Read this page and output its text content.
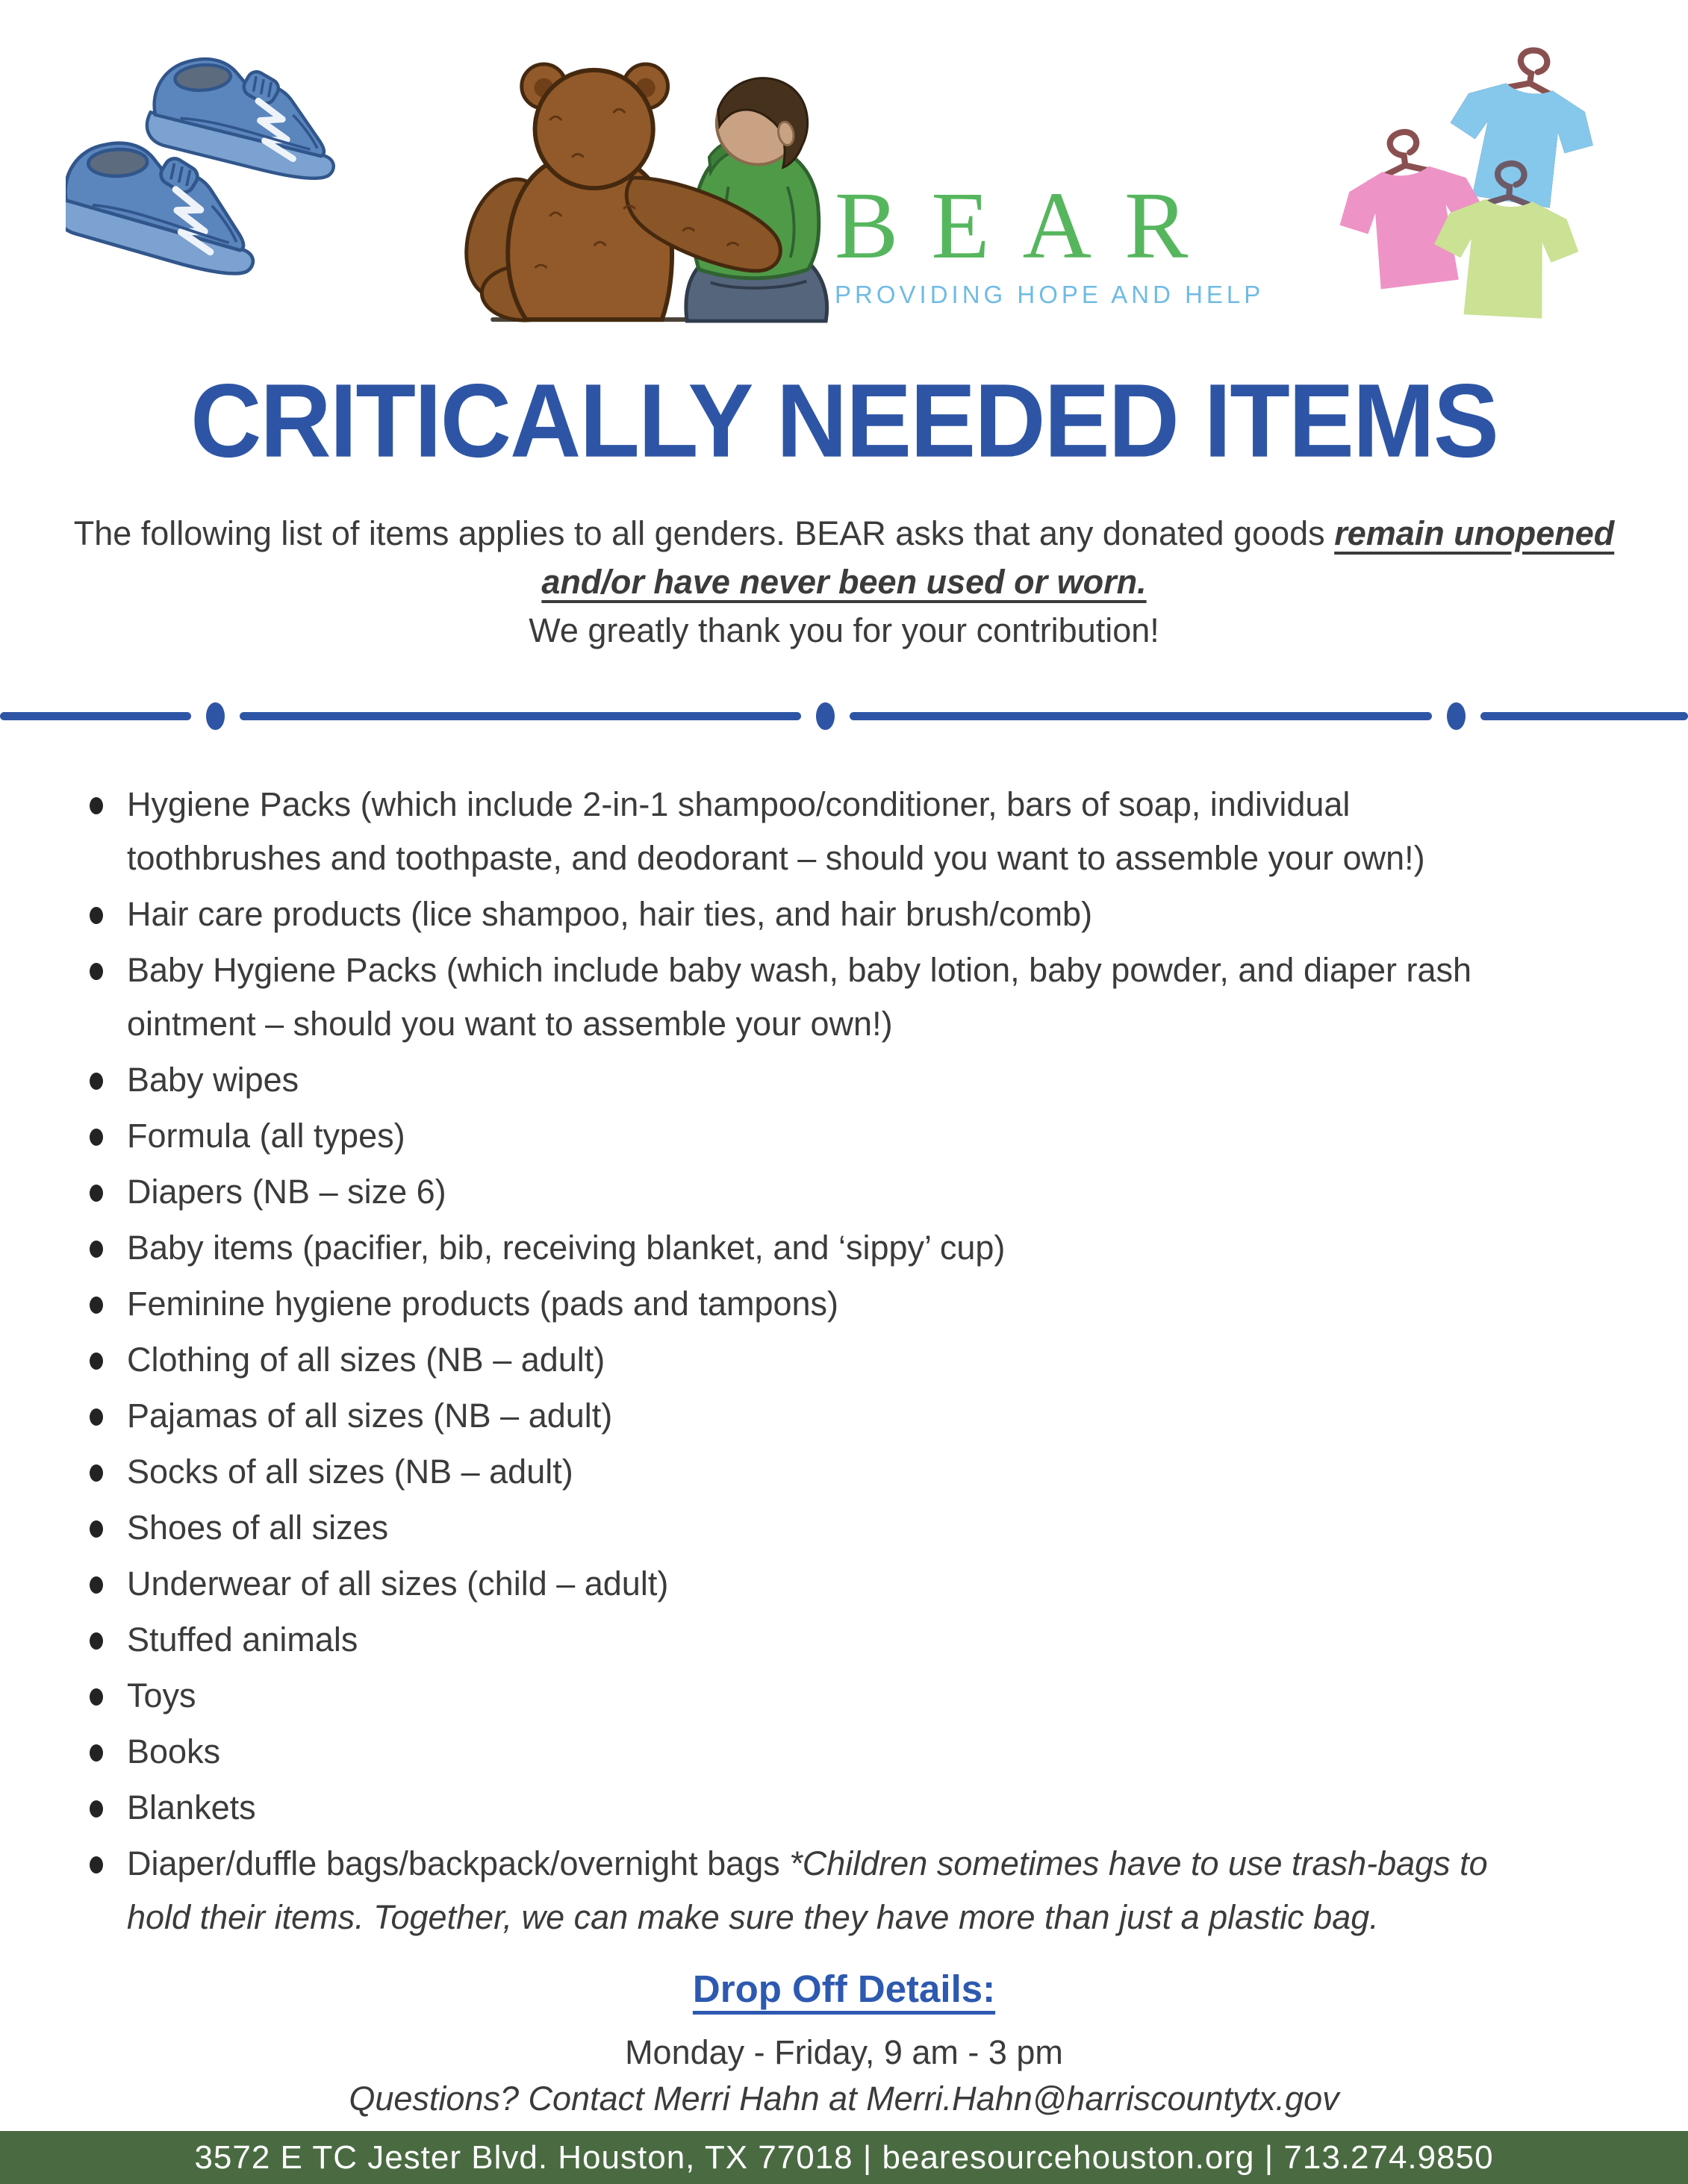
BEAR
PROVIDING HOPE AND HELP
CRITICALLY NEEDED ITEMS

The following list of items applies to all genders. BEAR asks that any donated goods remain unopened and/or have never been used or worn.
We greatly thank you for your contribution!

Hygiene Packs (which include 2-in-1 shampoo/conditioner, bars of soap, individual toothbrushes and toothpaste, and deodorant – should you want to assemble your own!)
Hair care products (lice shampoo, hair ties, and hair brush/comb)
Baby Hygiene Packs (which include baby wash, baby lotion, baby powder, and diaper rash ointment – should you want to assemble your own!)
Baby wipes
Formula (all types)
Diapers (NB – size 6)
Baby items (pacifier, bib, receiving blanket, and ‘sippy’ cup)
Feminine hygiene products (pads and tampons)
Clothing of all sizes (NB – adult)
Pajamas of all sizes (NB – adult)
Socks of all sizes (NB – adult)
Shoes of all sizes
Underwear of all sizes (child – adult)
Stuffed animals
Toys
Books
Blankets
Diaper/duffle bags/backpack/overnight bags *Children sometimes have to use trash-bags to hold their items. Together, we can make sure they have more than just a plastic bag.
Drop Off Details:

Monday - Friday, 9 am - 3 pm

Questions? Contact Merri Hahn at Merri.Hahn@harriscountytx.gov

3572 E TC Jester Blvd. Houston, TX 77018 | bearesourcehouston.org | 713.274.9850
